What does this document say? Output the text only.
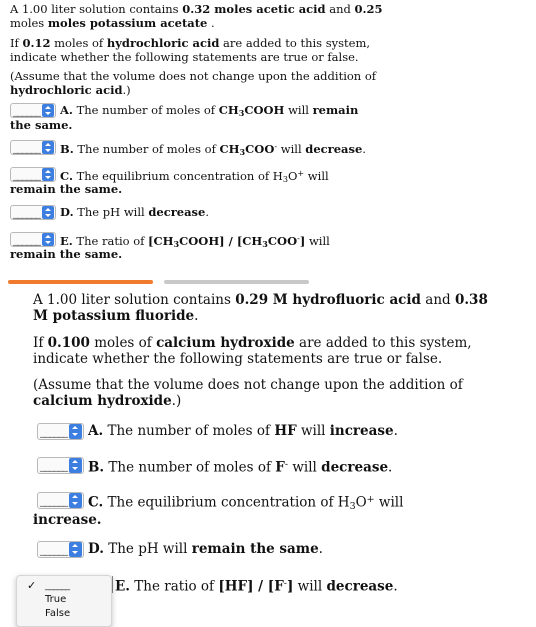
A 1.00 liter solution contains 0.32 moles acetic acid and 0.25
moles moles potassium acetate .

If 0.12 moles of hydrochloric acid are added to this system,
indicate whether the following statements are true or false.

(Assume that the volume does not change upon the addition of
hydrochloric acid.)

______ A. The number of moles of $CH_3COOH$ will remain

the same.

______ B. The number of moles of $CH_3COO^-$ will decrease.
______ C. The equilibrium concentration of $H_3O^+$ will

remain the same.

______ D. The pH will decrease.
______ E. The ratio of $[CH_3COOH] / [CH_3COO^-]$ will

remain the same.

A 1.00 liter solution contains 0.29 M hydrofluoric acid and 0.38
M potassium fluoride.

If 0.100 moles of calcium hydroxide are added to this system,
indicate whether the following statements are true or false.

(Assume that the volume does not change upon the addition of
calcium hydroxide.)

______ A. The number of moles of HF will increase.
______ B. The number of moles of F- will decrease.
______ C. The equilibrium concentration of $H_3O^+$ will

increase.

______ D. The pH will remain the same.
E. The ratio of [HF] / [F-] will decrease.
✓ ______
True
False
